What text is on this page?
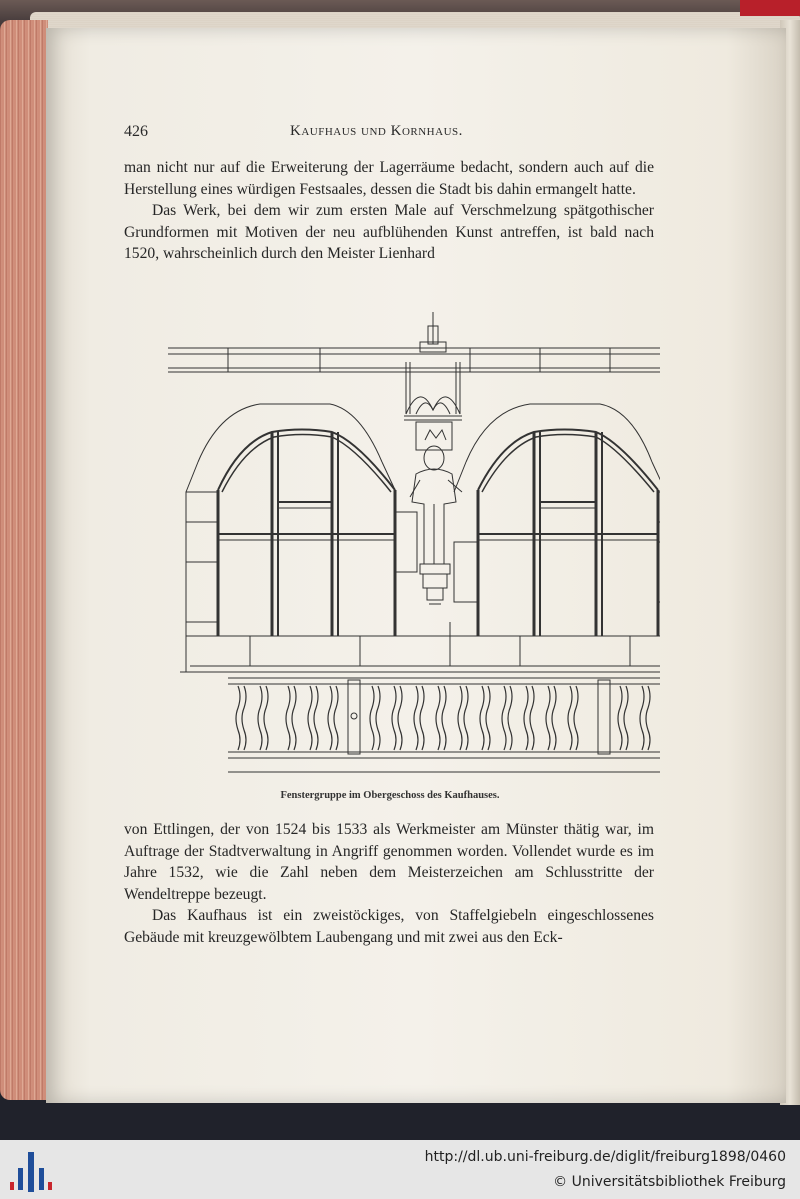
426	Kaufhaus und Kornhaus.

man nicht nur auf die Erweiterung der Lagerräume bedacht, sondern auch auf die Herstellung eines würdigen Festsaales, dessen die Stadt bis dahin ermangelt hatte.

Das Werk, bei dem wir zum ersten Male auf Verschmelzung spätgothischer Grundformen mit Motiven der neu aufblühenden Kunst antreffen, ist bald nach 1520, wahrscheinlich durch den Meister Lienhard

Fenstergruppe im Obergeschoss des Kaufhauses.

von Ettlingen, der von 1524 bis 1533 als Werkmeister am Münster thätig war, im Auftrage der Stadtverwaltung in Angriff genommen worden. Vollendet wurde es im Jahre 1532, wie die Zahl neben dem Meisterzeichen am Schlusstritte der Wendeltreppe bezeugt.

Das Kaufhaus ist ein zweistöckiges, von Staffelgiebeln eingeschlossenes Gebäude mit kreuzgewölbtem Laubengang und mit zwei aus den Eck-

http://dl.ub.uni-freiburg.de/diglit/freiburg1898/0460
© Universitätsbibliothek Freiburg
